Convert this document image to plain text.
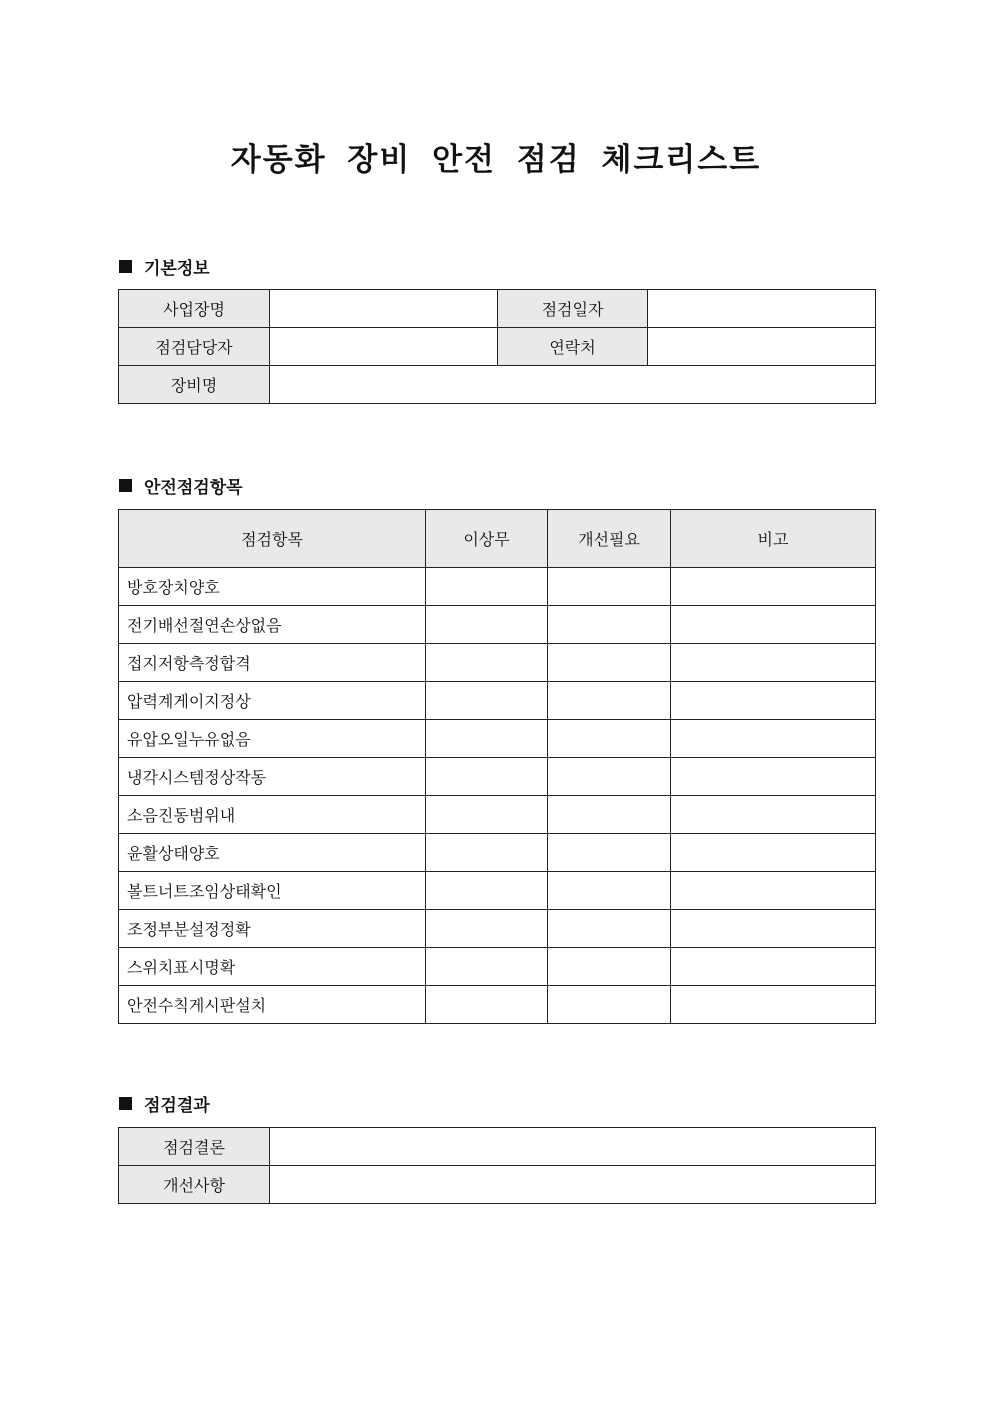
자동화 장비 안전 점검 체크리스트
기본정보
사업장명		점검일자	
점검담당자		연락처	
장비명			
안전점검항목
점검항목	이상무	개선필요	비고
방호장치양호			
전기배선절연손상없음			
접지저항측정합격			
압력계게이지정상			
유압오일누유없음			
냉각시스템정상작동			
소음진동범위내			
윤활상태양호			
볼트너트조임상태확인			
조정부분설정정확			
스위치표시명확			
안전수칙게시판설치			
점검결과
점검결론	
개선사항	
